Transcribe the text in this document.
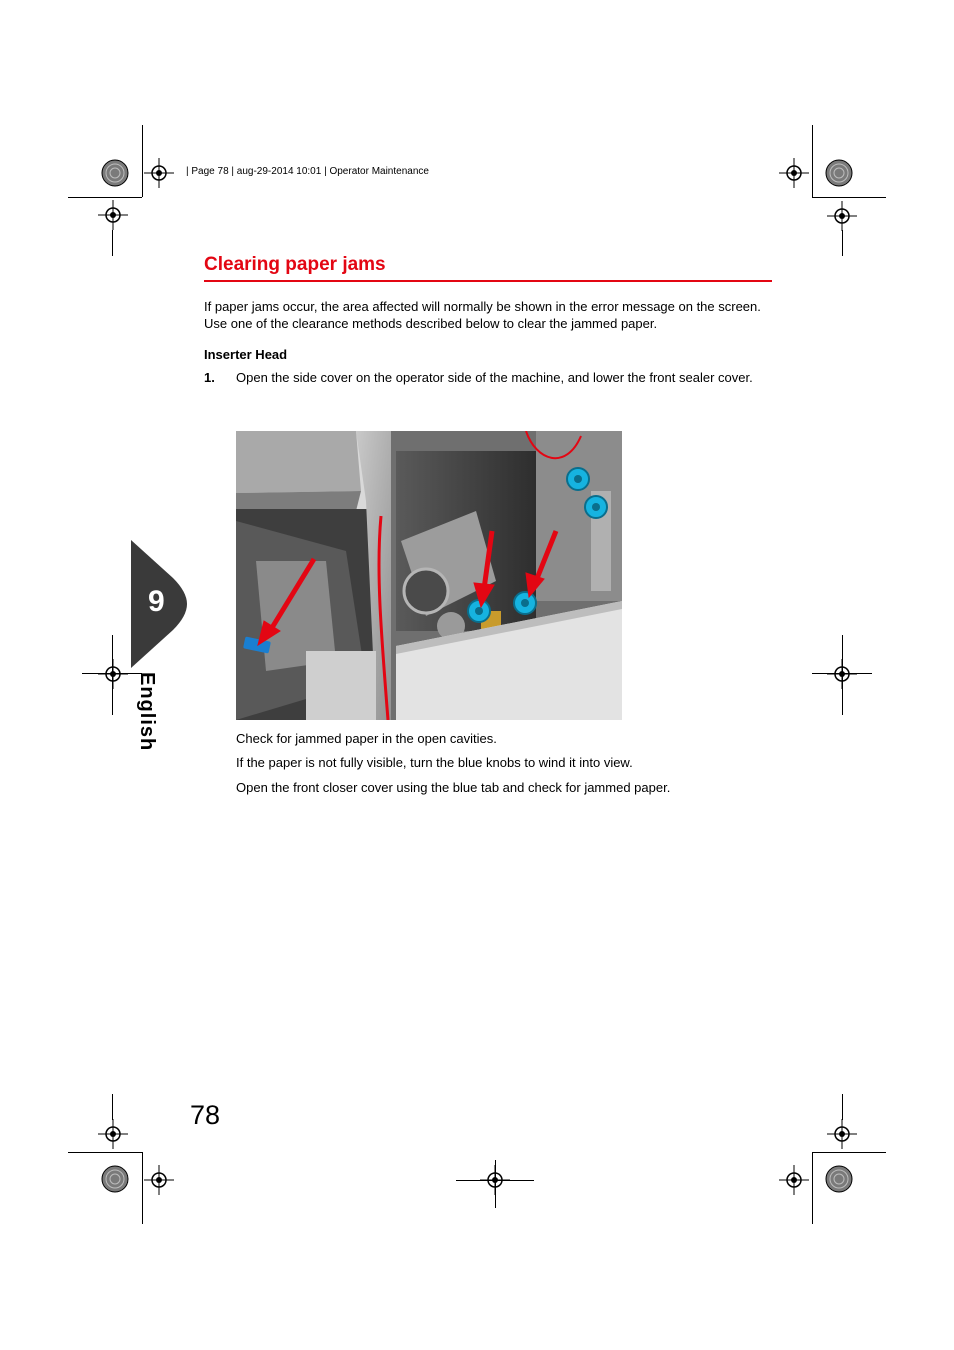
| Page 78 | aug-29-2014 10:01 | Operator Maintenance
Clearing paper jams
If paper jams occur, the area affected will normally be shown in the error message on the screen. Use one of the clearance methods described below to clear the jammed paper.
Inserter Head
1. Open the side cover on the operator side of the machine, and lower the front sealer cover.
Check for jammed paper in the open cavities.
If the paper is not fully visible, turn the blue knobs to wind it into view.
Open the front closer cover using the blue tab and check for jammed paper.
9
English
78
